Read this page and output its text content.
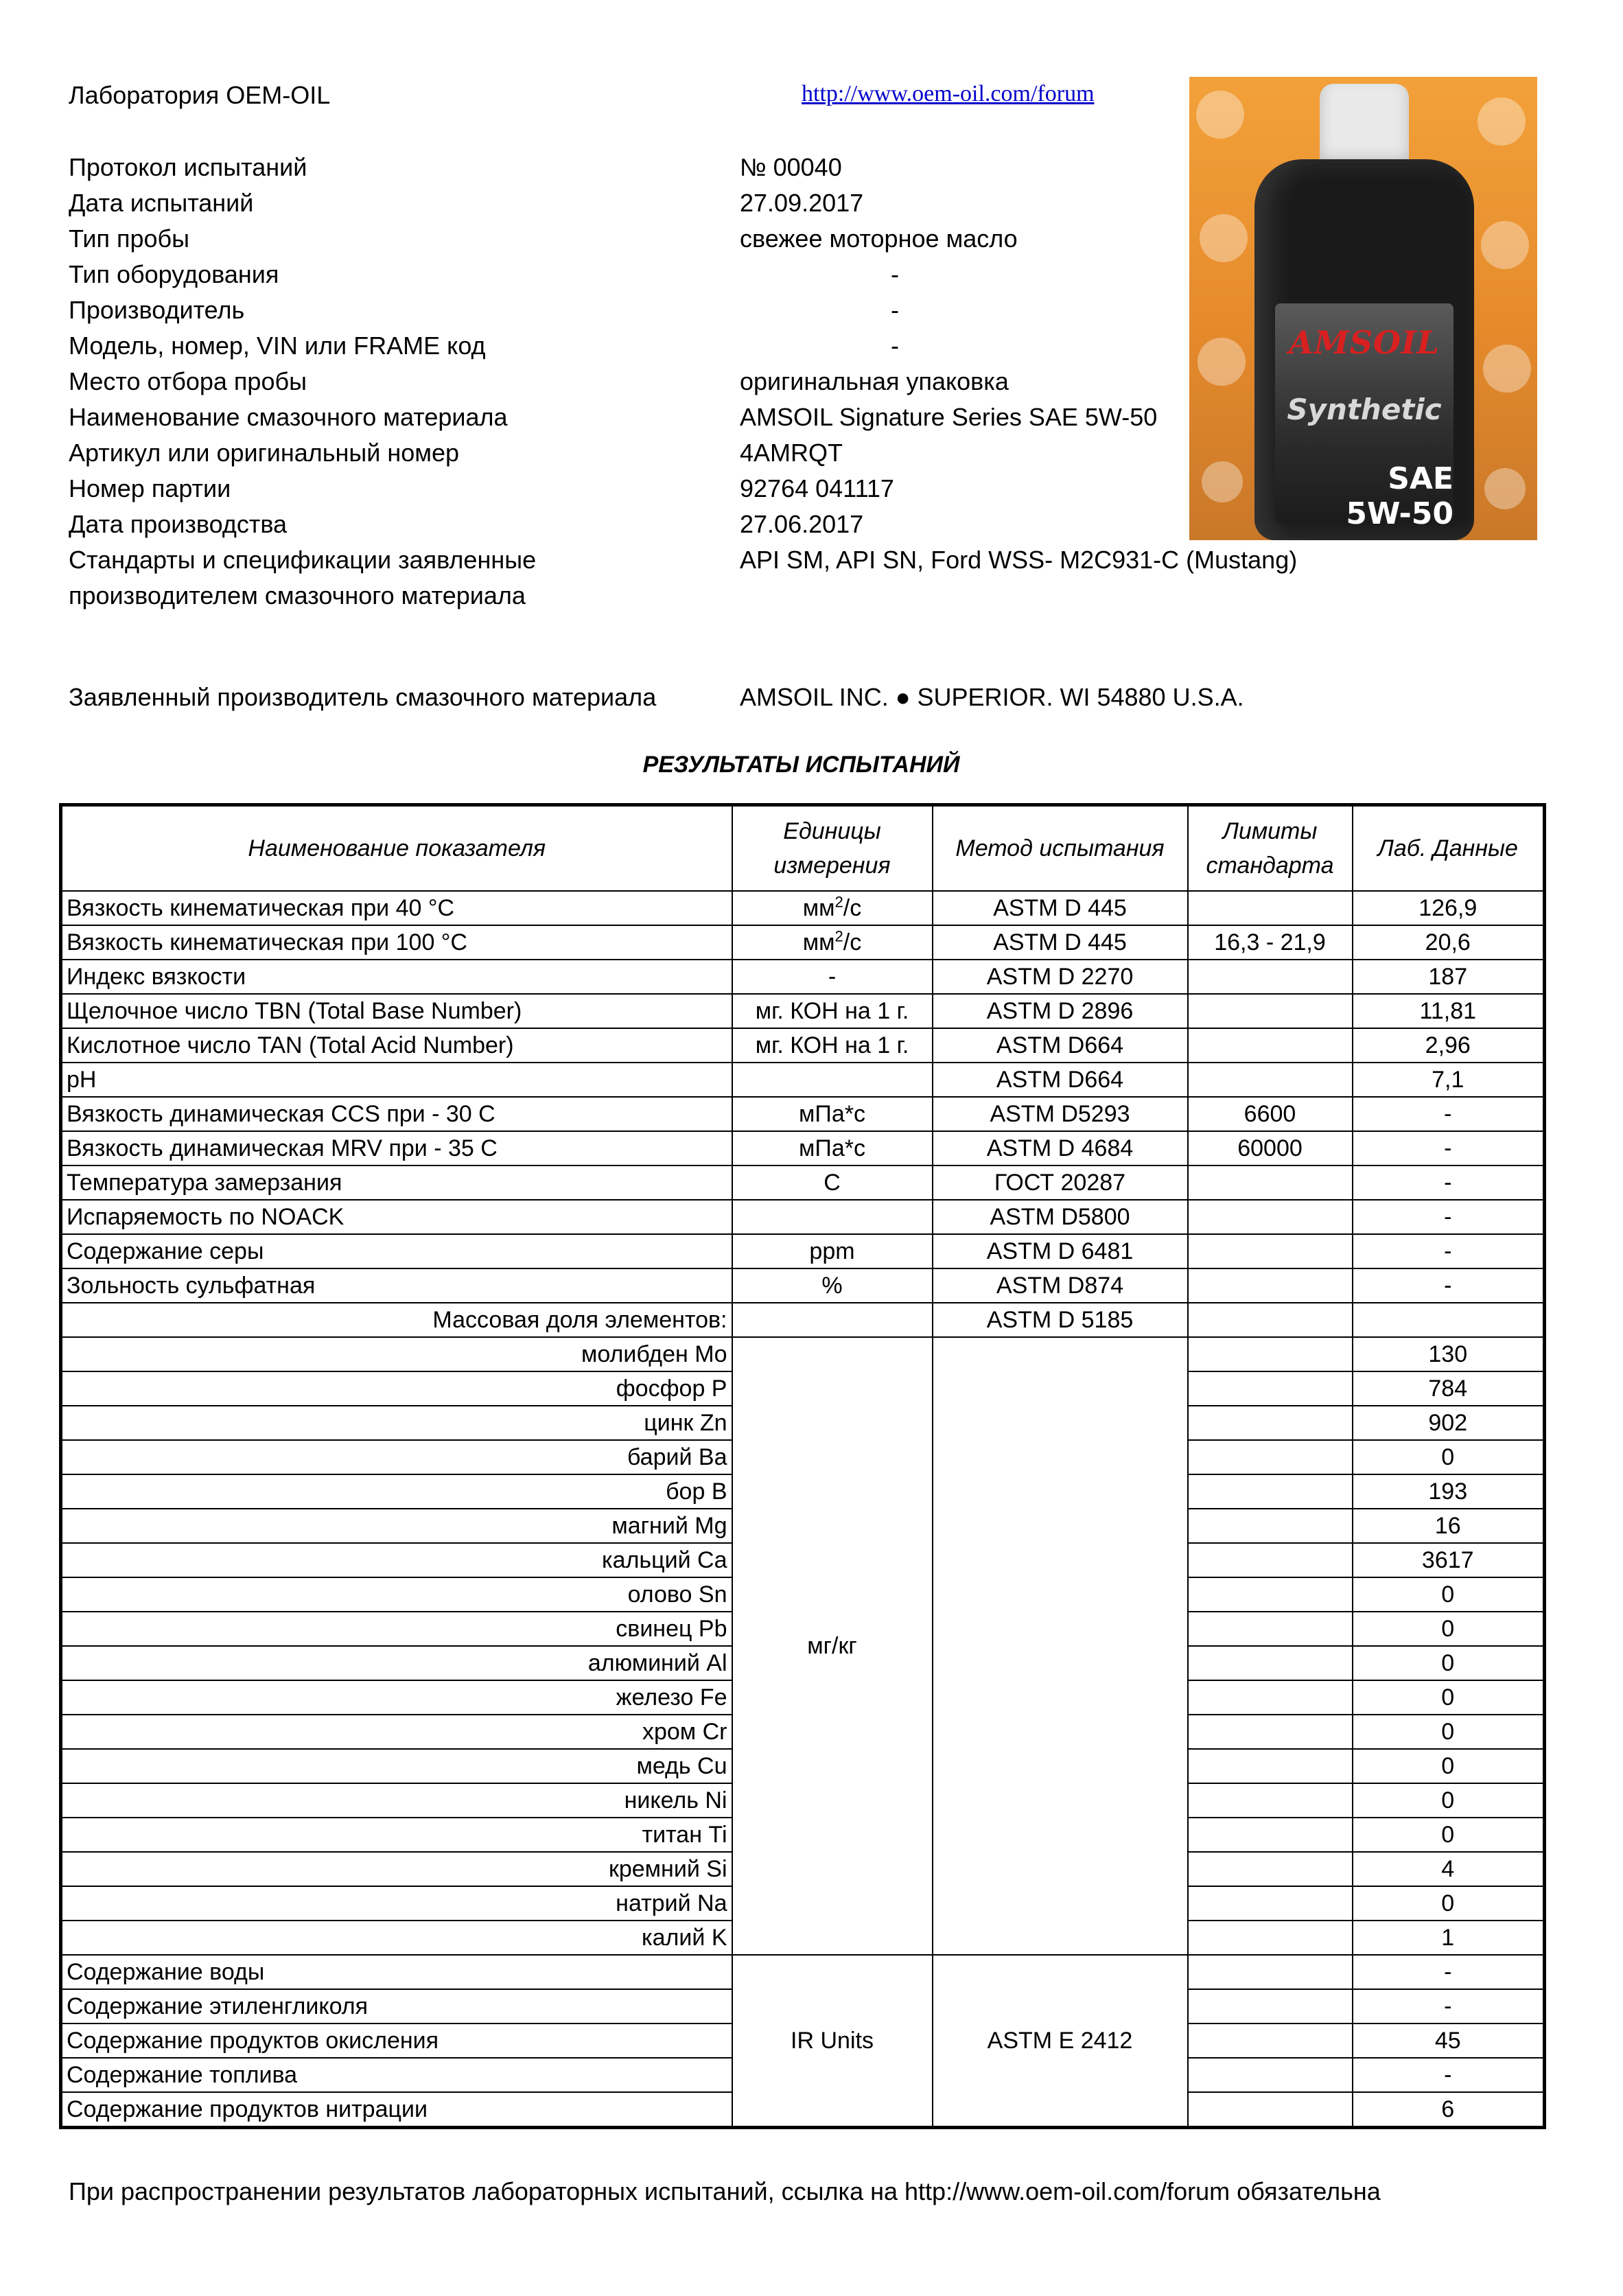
Лаборатория OEM-OIL	http://www.oem-oil.com/forum
Протокол испытаний	№ 00040
Дата испытаний	27.09.2017
Тип пробы	свежее моторное масло
Тип оборудования	-
Производитель	-
Модель, номер, VIN или FRAME код	-
Место отбора пробы	оригинальная упаковка
Наименование смазочного материала	AMSOIL Signature Series SAE 5W-50
Артикул или оригинальный номер	4AMRQT
Номер партии	92764 041117
Дата производства	27.06.2017
Стандарты и спецификации заявленные	API SM, API SN, Ford WSS- M2C931-C (Mustang)
производителем смазочного материала
Заявленный производитель смазочного материала	AMSOIL INC. ● SUPERIOR. WI 54880 U.S.A.
AMSOIL
Synthetic
SAE 5W-50
РЕЗУЛЬТАТЫ ИСПЫТАНИЙ
Наименование показателя	Единицы измерения	Метод испытания	Лимиты стандарта	Лаб. Данные
Вязкость кинематическая при 40 °C	$мм^2/с$	ASTM D 445		126,9
Вязкость кинематическая при 100 °C	$мм^2/с$	ASTM D 445	16,3 - 21,9	20,6
Индекс вязкости	-	ASTM D 2270		187
Щелочное число TBN (Total Base Number)	мг. КОН на 1 г.	ASTM D 2896		11,81
Кислотное число TAN (Total Acid Number)	мг. КОН на 1 г.	ASTM D664		2,96
pH		ASTM D664		7,1
Вязкость динамическая CCS при - 30 С	мПа*с	ASTM D5293	6600	-
Вязкость динамическая MRV при - 35 С	мПа*с	ASTM D 4684	60000	-
Температура замерзания	С	ГОСТ 20287		-
Испаряемость по NOACK		ASTM D5800		-
Содержание серы	ppm	ASTM D 6481		-
Зольность сульфатная	%	ASTM D874		-
Массовая доля элементов:		ASTM D 5185		
молибден Mo	мг/кг			130
фосфор P				784
цинк Zn				902
барий Ba				0
бор B				193
магний Mg				16
кальций Ca				3617
олово Sn				0
свинец Pb				0
алюминий Al				0
железо Fe				0
хром Cr				0
медь Cu				0
никель Ni				0
титан Ti				0
кремний Si				4
натрий Na				0
калий K				1
Содержание воды	IR Units	ASTM E 2412		-
Содержание этиленгликоля				-
Содержание продуктов окисления				45
Содержание топлива				-
Содержание продуктов нитрации				6
При распространении результатов лабораторных испытаний, ссылка на http://www.oem-oil.com/forum обязательна
